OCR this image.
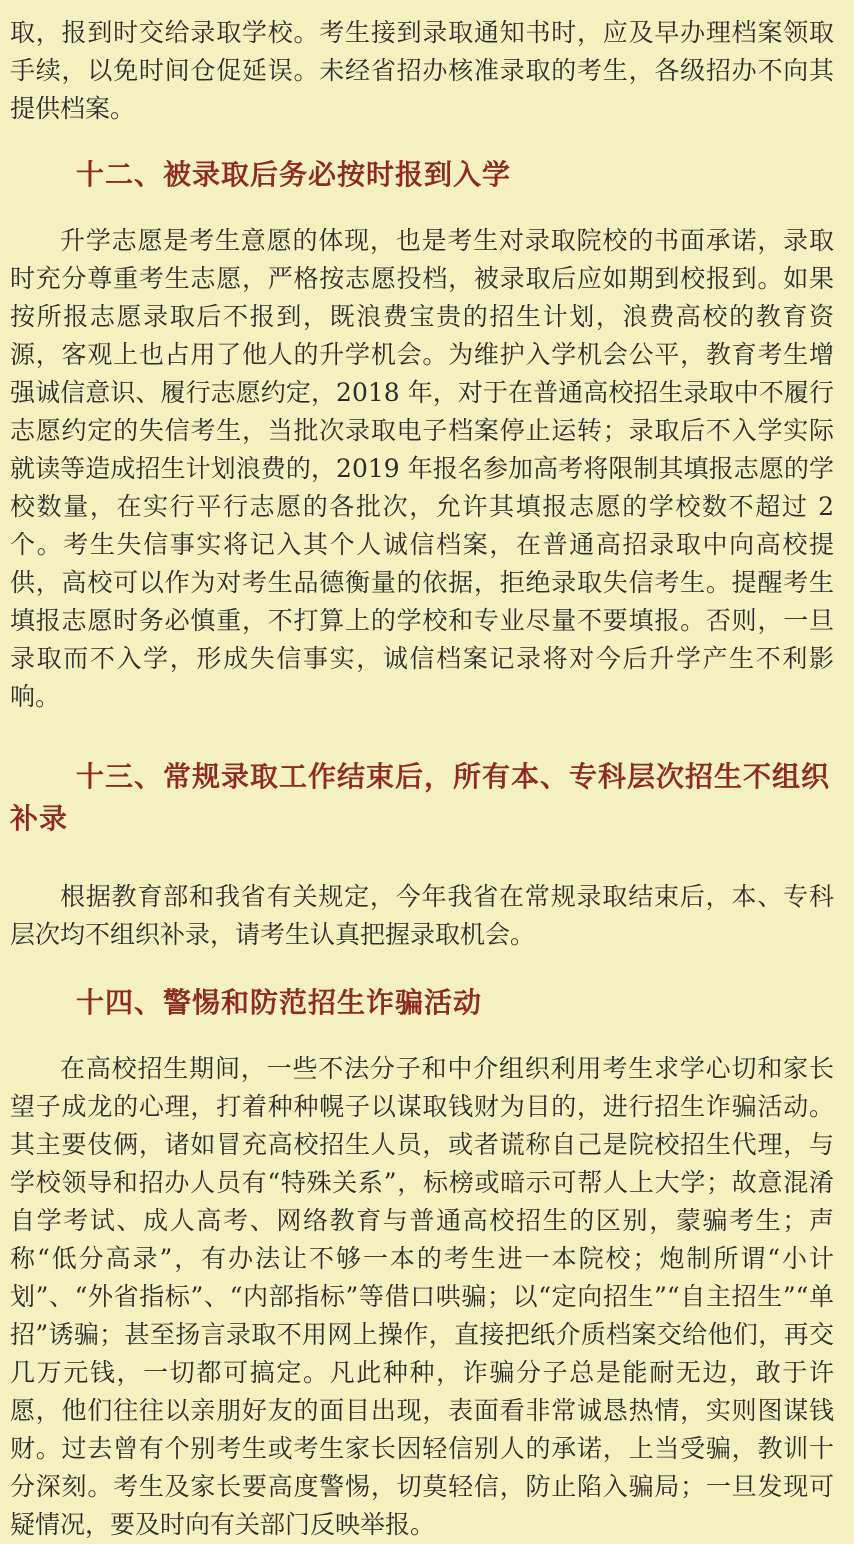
取，报到时交给录取学校。考生接到录取通知书时，应及早办理档案领取手续，以免时间仓促延误。未经省招办核准录取的考生，各级招办不向其提供档案。

十二、被录取后务必按时报到入学

升学志愿是考生意愿的体现，也是考生对录取院校的书面承诺，录取时充分尊重考生志愿，严格按志愿投档，被录取后应如期到校报到。如果按所报志愿录取后不报到，既浪费宝贵的招生计划，浪费高校的教育资源，客观上也占用了他人的升学机会。为维护入学机会公平，教育考生增强诚信意识、履行志愿约定，2018 年，对于在普通高校招生录取中不履行志愿约定的失信考生，当批次录取电子档案停止运转；录取后不入学实际就读等造成招生计划浪费的，2019 年报名参加高考将限制其填报志愿的学校数量，在实行平行志愿的各批次，允许其填报志愿的学校数不超过 2 个。考生失信事实将记入其个人诚信档案，在普通高招录取中向高校提供，高校可以作为对考生品德衡量的依据，拒绝录取失信考生。提醒考生填报志愿时务必慎重，不打算上的学校和专业尽量不要填报。否则，一旦录取而不入学，形成失信事实，诚信档案记录将对今后升学产生不利影响。

十三、常规录取工作结束后，所有本、专科层次招生不组织补录

根据教育部和我省有关规定，今年我省在常规录取结束后，本、专科层次均不组织补录，请考生认真把握录取机会。

十四、警惕和防范招生诈骗活动

在高校招生期间，一些不法分子和中介组织利用考生求学心切和家长望子成龙的心理，打着种种幌子以谋取钱财为目的，进行招生诈骗活动。其主要伎俩，诸如冒充高校招生人员，或者谎称自己是院校招生代理，与学校领导和招办人员有“特殊关系”，标榜或暗示可帮人上大学；故意混淆自学考试、成人高考、网络教育与普通高校招生的区别，蒙骗考生；声称“低分高录”，有办法让不够一本的考生进一本院校；炮制所谓“小计划”、“外省指标”、“内部指标”等借口哄骗；以“定向招生”“自主招生”“单招”诱骗；甚至扬言录取不用网上操作，直接把纸介质档案交给他们，再交几万元钱，一切都可搞定。凡此种种，诈骗分子总是能耐无边，敢于许愿，他们往往以亲朋好友的面目出现，表面看非常诚恳热情，实则图谋钱财。过去曾有个别考生或考生家长因轻信别人的承诺，上当受骗，教训十分深刻。考生及家长要高度警惕，切莫轻信，防止陷入骗局；一旦发现可疑情况，要及时向有关部门反映举报。
